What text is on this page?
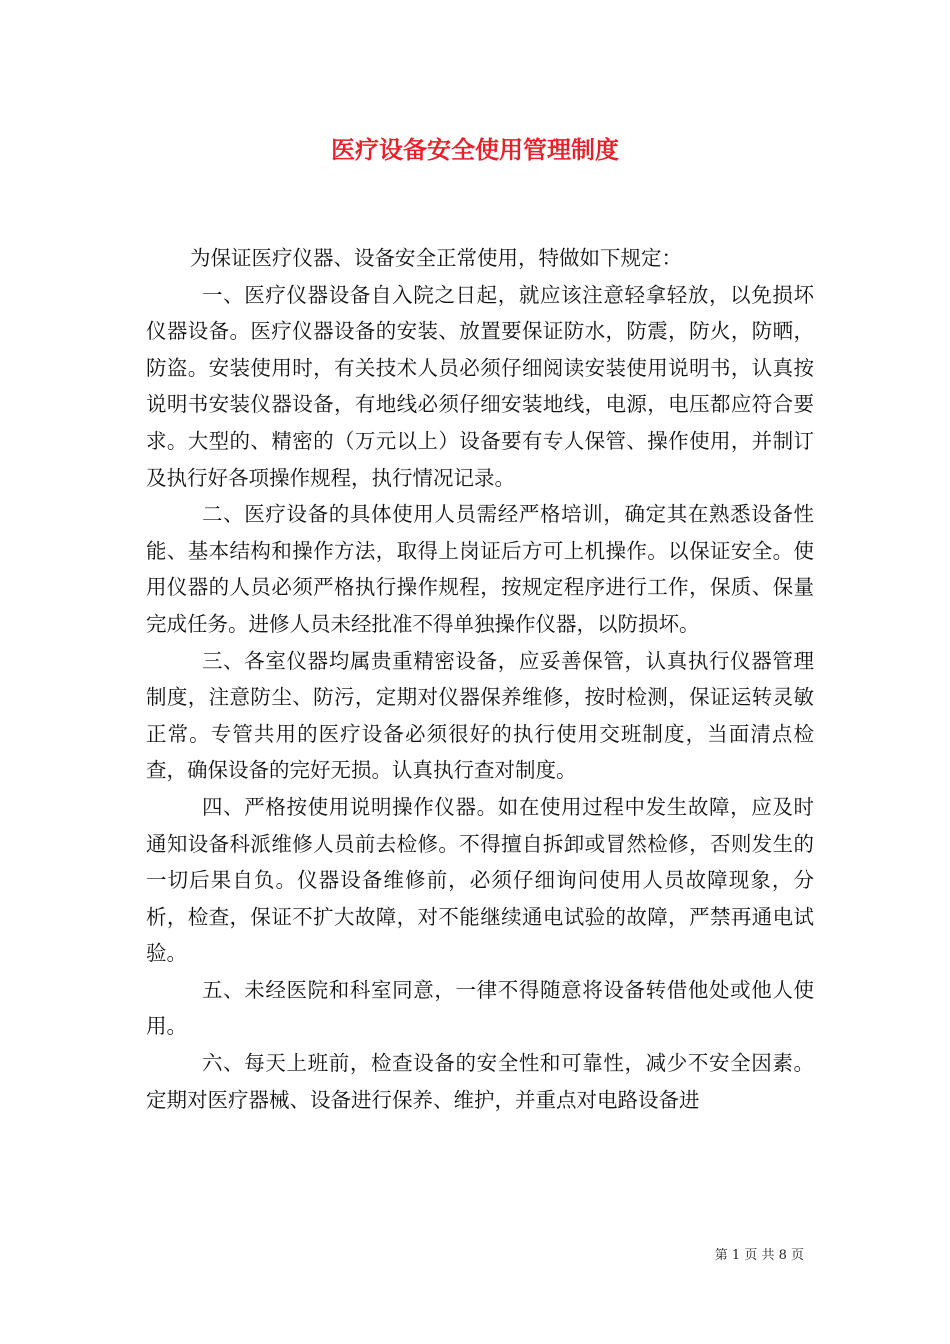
医疗设备安全使用管理制度

为保证医疗仪器、设备安全正常使用，特做如下规定：

一、医疗仪器设备自入院之日起，就应该注意轻拿轻放，以免损坏仪器设备。医疗仪器设备的安装、放置要保证防水，防震，防火，防晒，防盗。安装使用时，有关技术人员必须仔细阅读安装使用说明书，认真按说明书安装仪器设备，有地线必须仔细安装地线，电源，电压都应符合要求。大型的、精密的（万元以上）设备要有专人保管、操作使用，并制订及执行好各项操作规程，执行情况记录。

二、医疗设备的具体使用人员需经严格培训，确定其在熟悉设备性能、基本结构和操作方法，取得上岗证后方可上机操作。以保证安全。使用仪器的人员必须严格执行操作规程，按规定程序进行工作，保质、保量完成任务。进修人员未经批准不得单独操作仪器，以防损坏。

三、各室仪器均属贵重精密设备，应妥善保管，认真执行仪器管理制度，注意防尘、防污，定期对仪器保养维修，按时检测，保证运转灵敏正常。专管共用的医疗设备必须很好的执行使用交班制度，当面清点检查，确保设备的完好无损。认真执行查对制度。

四、严格按使用说明操作仪器。如在使用过程中发生故障，应及时通知设备科派维修人员前去检修。不得擅自拆卸或冒然检修，否则发生的一切后果自负。仪器设备维修前，必须仔细询问使用人员故障现象，分析，检查，保证不扩大故障，对不能继续通电试验的故障，严禁再通电试验。

五、未经医院和科室同意，一律不得随意将设备转借他处或他人使用。

六、每天上班前，检查设备的安全性和可靠性，减少不安全因素。定期对医疗器械、设备进行保养、维护，并重点对电路设备进

第 1 页 共 8 页
